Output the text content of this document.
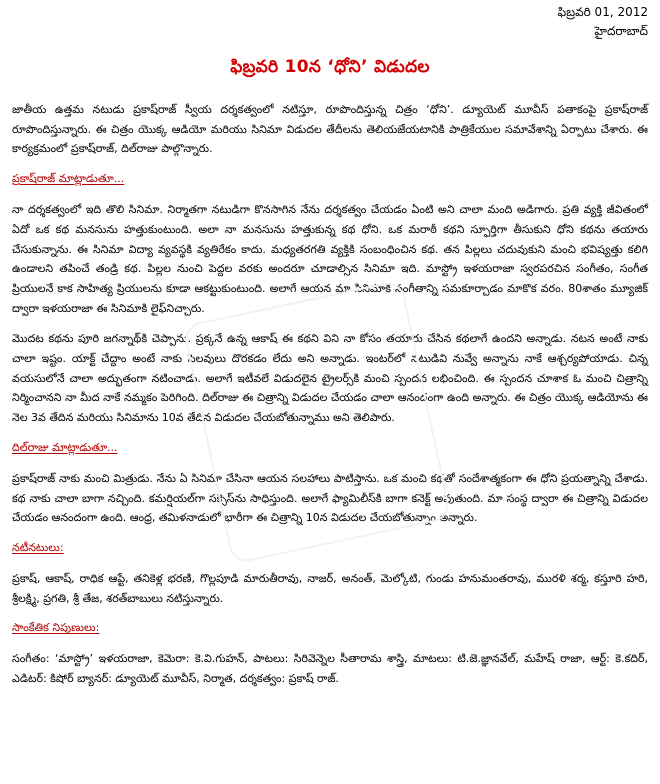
ఫిబ్రవరి 01, 2012
హైదరాబాద్
ఫిబ్రవరి 10న ‘ధోని’ విడుదల

జాతీయ ఉత్తమ నటుడు ప్రకాష్‌రాజ్ స్వీయ దర్శకత్వంలో నటిస్తూ, రూపొందిస్తున్న చిత్రం ‘ధోని’. డ్యూయెట్ మూవీస్ పతాకంపై ప్రకాష్‌రాజ్ రూపొందిస్తున్నారు. ఈ చిత్రం యొక్క ఆడియో మరియు సినిమా విడుదల తేదీలను తెలియజేయటానికి పాత్రికేయుల సమావేశాన్ని ఏర్పాటు చేశారు. ఈ కార్యక్రమంలో ప్రకాష్‌రాజ్, దిల్‌రాజు పాల్గొన్నారు.

ప్రకాష్‌రాజ్ మాట్లాడుతూ...

నా దర్శకత్వంలో ఇది తొలి సినిమా. నిర్మాతగా నటుడిగా కొనసాగిన నేను దర్శకత్వం చేయడం ఏంటి అని చాలా మంది అడిగారు. ప్రతి వ్యక్తి జీవితంలో ఏదో ఒక కథ మనసును హత్తుకుంటుంది. అలా నా మనసును హత్తుకున్న కథ ధోని. ఒక మరాఠీ కథని స్ఫూర్తిగా తీసుకుని ధోని కథను తయారు చేసుకున్నాను. ఈ సినిమా విద్యా వ్యవస్థకి వ్యతిరేకం కాదు. మధ్యతరగతి వ్యక్తికి సంబంధించిన కథ. తన పిల్లలు చదువుకుని మంచి భవిష్యత్తు కలిగి ఉండాలని తపించే తండ్రి కథ. పిల్లల నుంచి పెద్దల వరకు అందరూ చూడాల్సిన సినిమా ఇది. మాస్ట్రో ఇళయరాజా స్వరపరచిన సంగీతం, సంగీత ప్రియులనే కాక సాహిత్య ప్రియులను కూడా ఆకట్టుకుంటుంది. అలాగే ఆయన మా సినిమాకి సంగీతాన్ని సమకూర్చాడం మాకొక వరం. 80శాతం మ్యూజిక్ ద్వారా ఇళయరాజా ఈ సినిమాకి లైఫ్‌నిచ్చారు.

మొదట కథను పూరి జగన్నాథ్‌కి చెప్పాను. ప్రక్కనే ఉన్న ఆకాష్ ఈ కథని విని నా కోసం తయారు చేసిన కథలాగే ఉందని అన్నాడు. నటన అంటే నాకు చాలా ఇష్టం. యాక్ట్ చేద్దాం అంటే నాకు సెలవులు దొరకడం లేదు అని అన్నాడు. ఇంటర్‌లో నటుడివి నువ్వే అన్నాను నాకే ఆశ్చర్యపోయాడు. చిన్న వయసులోనే చాలా అద్భుతంగా నటించాడు. అలాగే ఇటీవలే విడుదలైన ట్రైలర్స్‌కి మంచి స్పందన లభించింది. ఈ స్పందన చూశాక ఓ మంచి చిత్రాన్ని నిర్మించానని నా మీద నాకే నమ్మకం పెరిగింది. దిల్‌రాజు ఈ చిత్రాన్ని విడుదల చేయడం చాలా ఆనందంగా ఉంది అన్నారు. ఈ చిత్రం యొక్క ఆడియోను ఈ నెల 3వ తేదిన మరియు సినిమాను 10వ తేదిన విడుదల చేయబోతున్నాము అని తెలిపారు.

దిల్‌రాజు మాట్లాడుతూ...

ప్రకాష్‌రాజ్ నాకు మంచి మిత్రుడు. నేను ఏ సినిమా చేసినా ఆయన సలహాలు పాటిస్తాను. ఒక మంచి కథతో సందేశాత్మకంగా ఈ ధోని ప్రయత్నాన్ని చేశాడు. కథ నాకు చాలా బాగా నచ్చింది. కమర్షియల్‌గా సక్సెస్‌ను సాధిస్తుంది. అలాగే ఫ్యామిలీస్‌కి బాగా కనెక్ట్ అవుతుంది. మా సంస్థ ద్వారా ఈ చిత్రాన్ని విడుదల చేయడం ఆనందంగా ఉంది. ఆంధ్ర, తమిళనాడులో భారీగా ఈ చిత్రాన్ని 10న విడుదల చేయబోతున్నాం అన్నారు.

నటీనటులు:

ప్రకాష్, ఆకాష్, రాధిక ఆప్టే, తనికెళ్ల భరణి, గొల్లపూడి మారుతీరావు, నాజర్, అనంత్, మెల్కోటి, గుండు హనుమంతరావు, మురళి శర్మ, కస్తూరి హరి, శ్రీలక్ష్మి, ప్రగతి, శ్రీ తేజ, శరత్‌బాబులు నటిస్తున్నారు.

సాంకేతిక నిపుణులు:

సంగీతం: ‘మాస్ట్రో’ ఇళయరాజా, కెమెరా: కె.వి.గుహన్, పాటలు: సిరివెన్నెల సీతారామ శాస్త్రి, మాటలు: టి.జె.జ్ఞానవేల్, మహేష్ రాజా, ఆర్ట్: కె.కదిర్, ఎడిటర్: కిషోర్ బ్యానర్: డ్యూయెట్ మూవీస్, నిర్మాత, దర్శకత్వం: ప్రకాష్ రాజ్.
